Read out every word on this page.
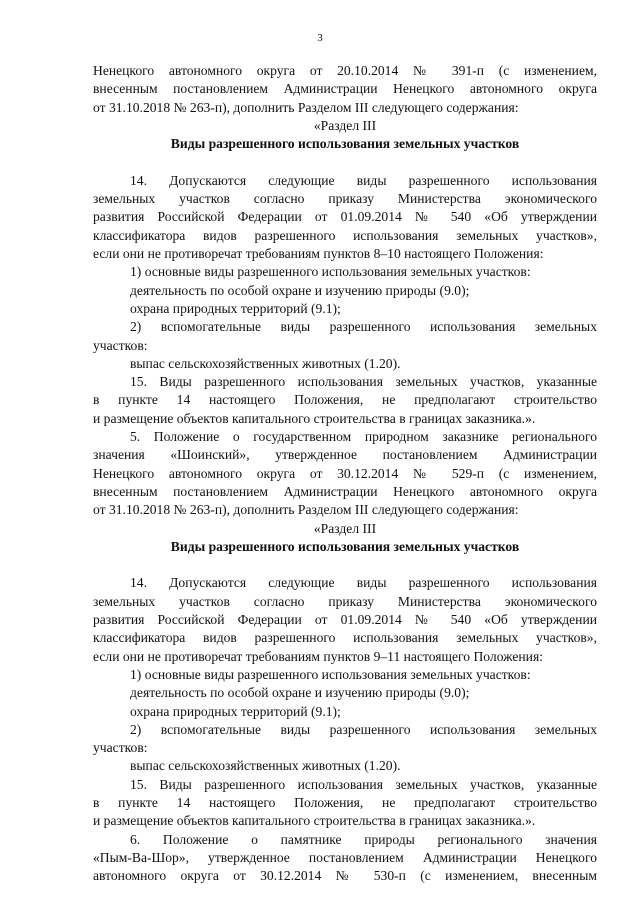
3
Ненецкого автономного округа от 20.10.2014 № 391-п (с изменением,
внесенным постановлением Администрации Ненецкого автономного округа
от 31.10.2018 № 263-п), дополнить Разделом III следующего содержания:
«Раздел III
Виды разрешенного использования земельных участков
14. Допускаются следующие виды разрешенного использования
земельных участков согласно приказу Министерства экономического
развития Российской Федерации от 01.09.2014 № 540 «Об утверждении
классификатора видов разрешенного использования земельных участков»,
если они не противоречат требованиям пунктов 8–10 настоящего Положения:
1) основные виды разрешенного использования земельных участков:
деятельность по особой охране и изучению природы (9.0);
охрана природных территорий (9.1);
2) вспомогательные виды разрешенного использования земельных
участков:
выпас сельскохозяйственных животных (1.20).
15. Виды разрешенного использования земельных участков, указанные
в пункте 14 настоящего Положения, не предполагают строительство
и размещение объектов капитального строительства в границах заказника.».
5. Положение о государственном природном заказнике регионального
значения «Шоинский», утвержденное постановлением Администрации
Ненецкого автономного округа от 30.12.2014 № 529-п (с изменением,
внесенным постановлением Администрации Ненецкого автономного округа
от 31.10.2018 № 263-п), дополнить Разделом III следующего содержания:
«Раздел III
Виды разрешенного использования земельных участков
14. Допускаются следующие виды разрешенного использования
земельных участков согласно приказу Министерства экономического
развития Российской Федерации от 01.09.2014 № 540 «Об утверждении
классификатора видов разрешенного использования земельных участков»,
если они не противоречат требованиям пунктов 9–11 настоящего Положения:
1) основные виды разрешенного использования земельных участков:
деятельность по особой охране и изучению природы (9.0);
охрана природных территорий (9.1);
2) вспомогательные виды разрешенного использования земельных
участков:
выпас сельскохозяйственных животных (1.20).
15. Виды разрешенного использования земельных участков, указанные
в пункте 14 настоящего Положения, не предполагают строительство
и размещение объектов капитального строительства в границах заказника.».
6. Положение о памятнике природы регионального значения
«Пым-Ва-Шор», утвержденное постановлением Администрации Ненецкого
автономного округа от 30.12.2014 № 530-п (с изменением, внесенным
